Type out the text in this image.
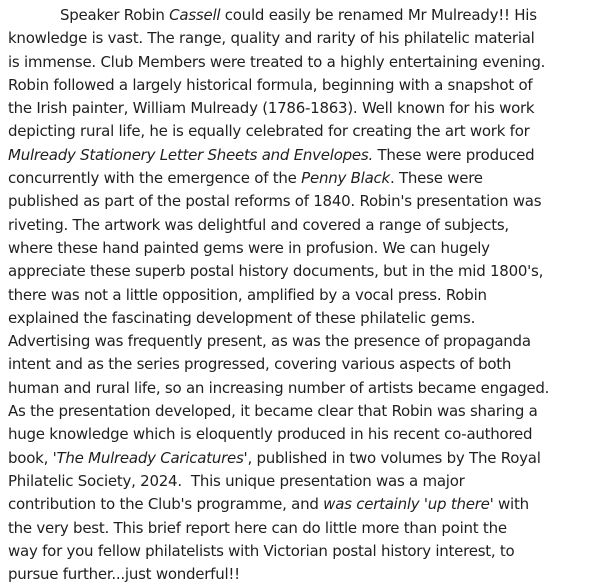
Speaker Robin Cassell could easily be renamed Mr Mulready!! His
knowledge is vast. The range, quality and rarity of his philatelic material
is immense. Club Members were treated to a highly entertaining evening.
Robin followed a largely historical formula, beginning with a snapshot of
the Irish painter, William Mulready (1786-1863). Well known for his work
depicting rural life, he is equally celebrated for creating the art work for
Mulready Stationery Letter Sheets and Envelopes. These were produced
concurrently with the emergence of the Penny Black. These were
published as part of the postal reforms of 1840. Robin's presentation was
riveting. The artwork was delightful and covered a range of subjects,
where these hand painted gems were in profusion. We can hugely
appreciate these superb postal history documents, but in the mid 1800's,
there was not a little opposition, amplified by a vocal press. Robin
explained the fascinating development of these philatelic gems.
Advertising was frequently present, as was the presence of propaganda
intent and as the series progressed, covering various aspects of both
human and rural life, so an increasing number of artists became engaged.
As the presentation developed, it became clear that Robin was sharing a
huge knowledge which is eloquently produced in his recent co-authored
book, 'The Mulready Caricatures', published in two volumes by The Royal
Philatelic Society, 2024.  This unique presentation was a major
contribution to the Club's programme, and was certainly 'up there' with
the very best. This brief report here can do little more than point the
way for you fellow philatelists with Victorian postal history interest, to
pursue further...just wonderful!!
